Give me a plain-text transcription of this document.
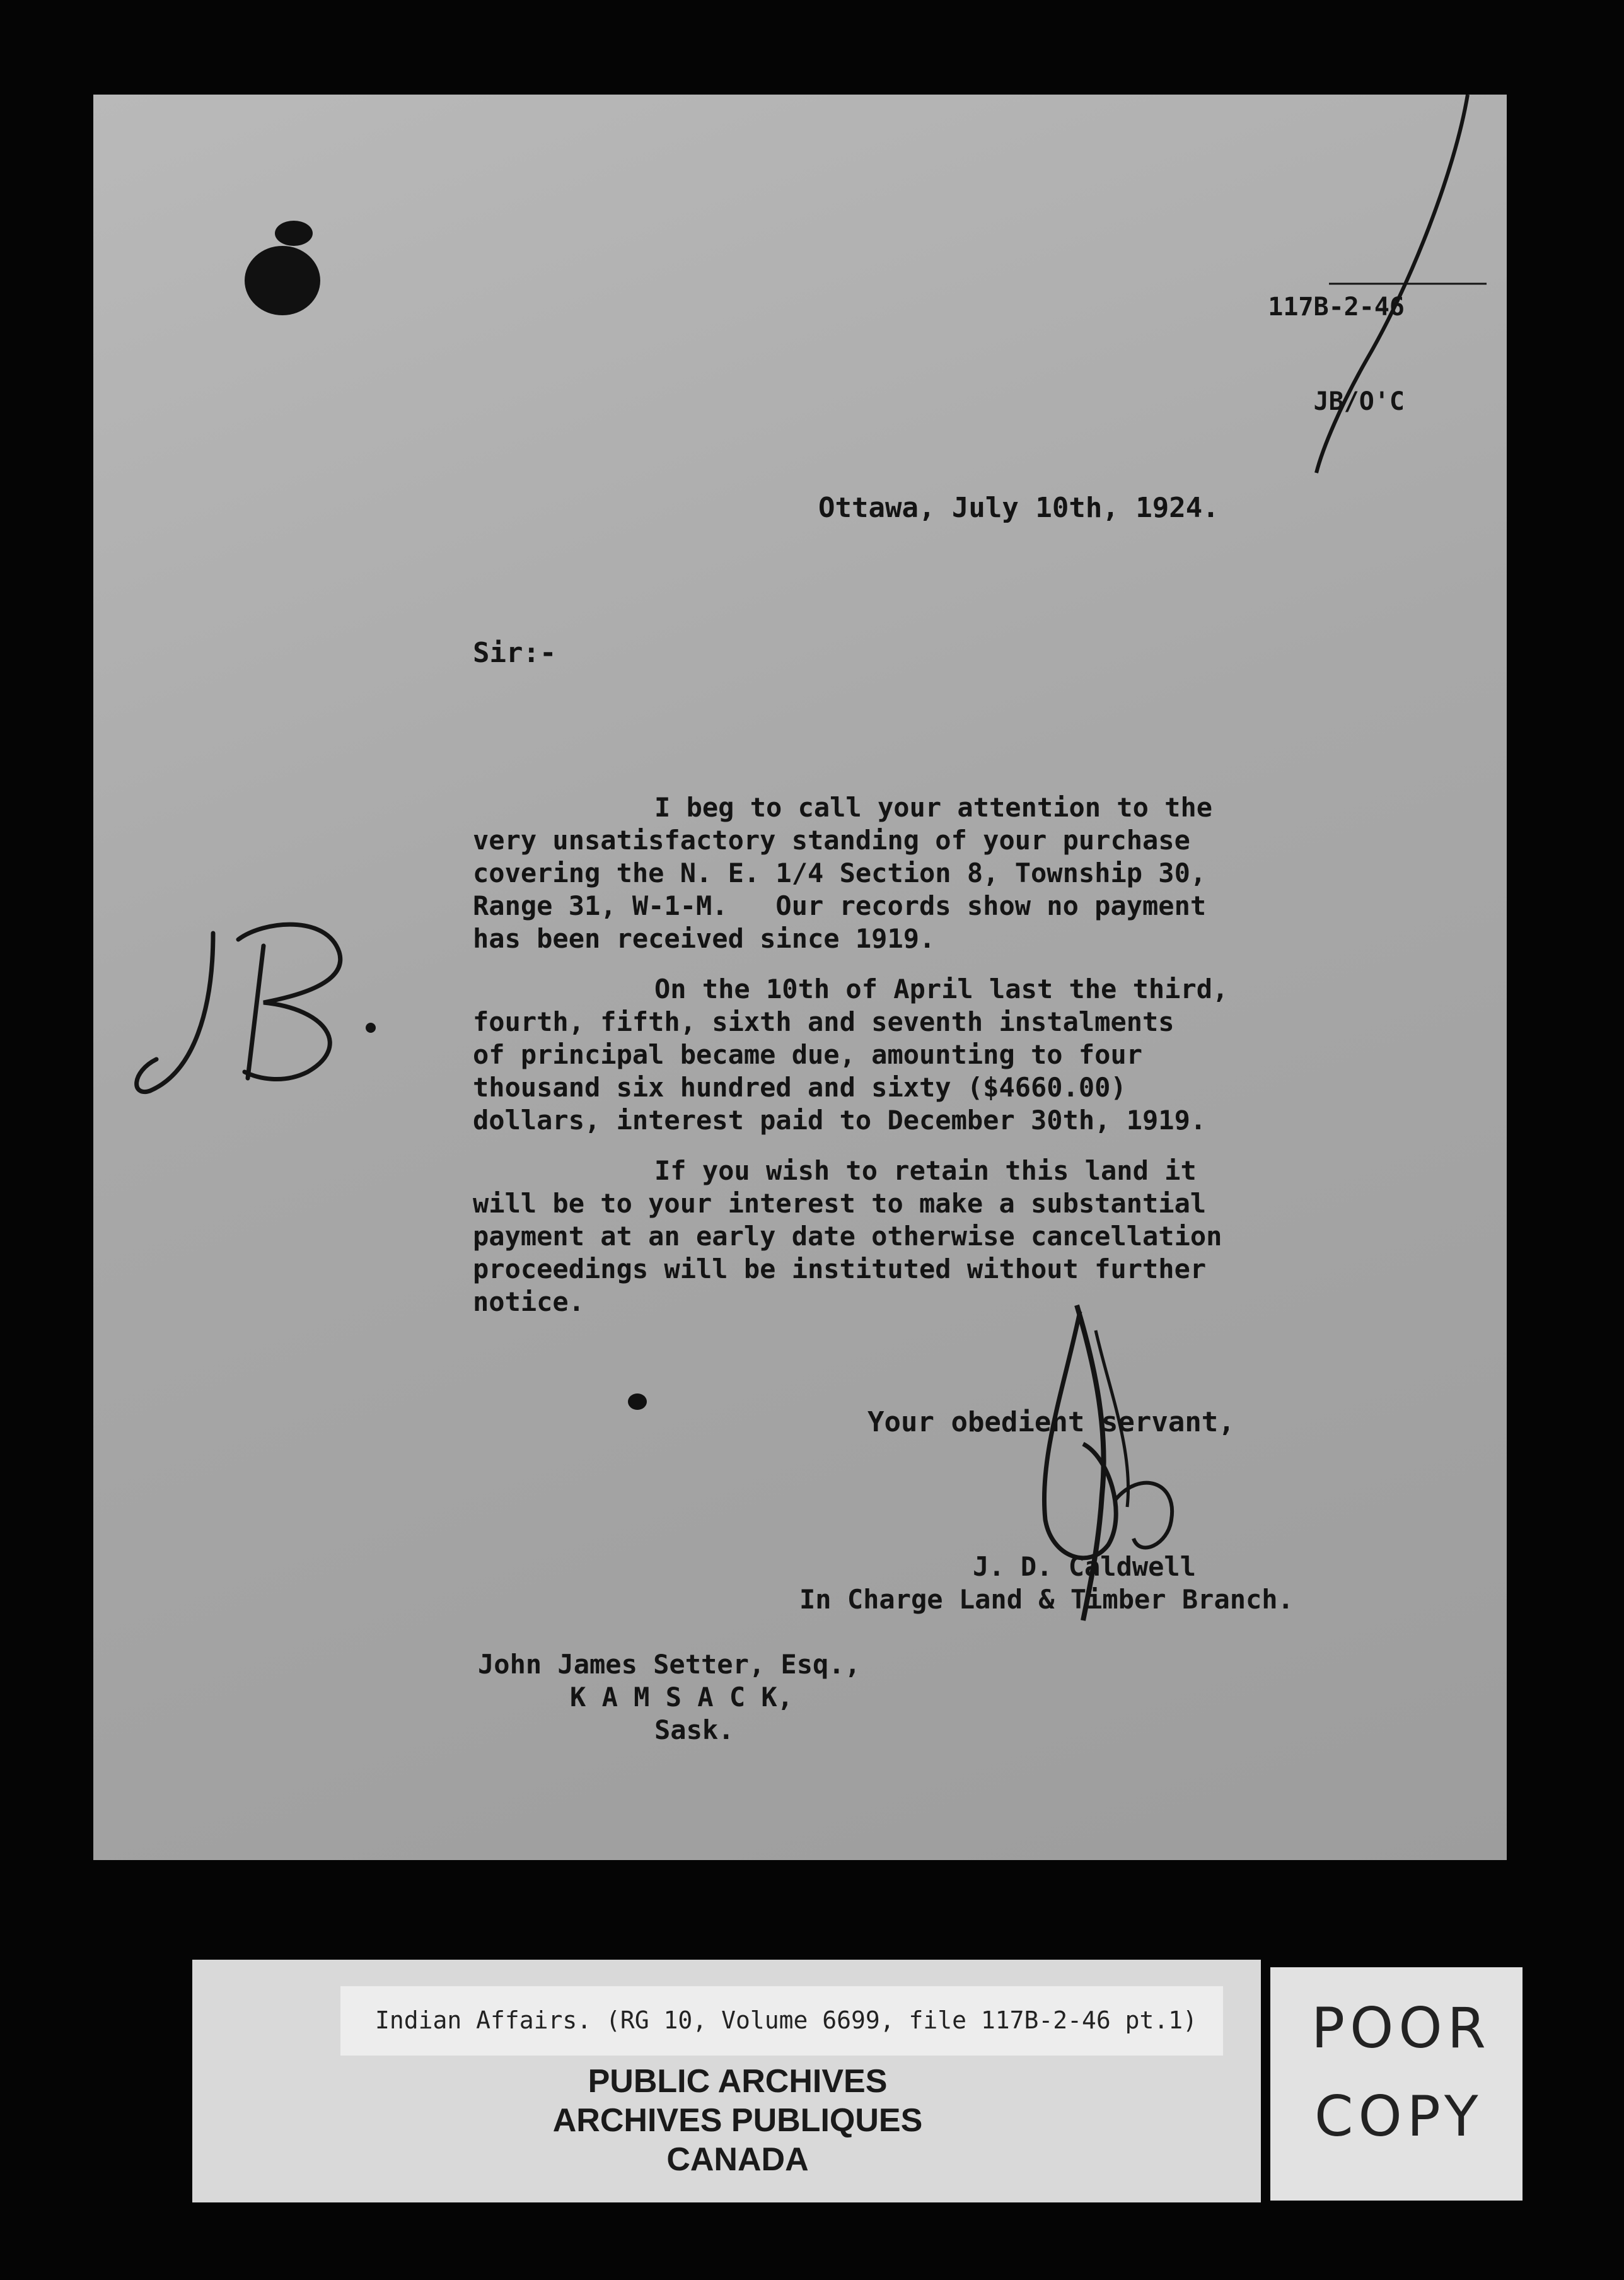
117B-2-46

JB/O'C

Ottawa, July 10th, 1924.
Sir:-
I beg to call your attention to the
very unsatisfactory standing of your purchase
covering the N. E. 1/4 Section 8, Township 30,
Range 31, W-1-M.   Our records show no payment
has been received since 1919.
On the 10th of April last the third,
fourth, fifth, sixth and seventh instalments
of principal became due, amounting to four
thousand six hundred and sixty ($4660.00)
dollars, interest paid to December 30th, 1919.
If you wish to retain this land it
will be to your interest to make a substantial
payment at an early date otherwise cancellation
proceedings will be instituted without further
notice.
Your obedient servant,
J. D. Caldwell
In Charge Land & Timber Branch.
John James Setter, Esq.,
K A M S A C K,
Sask.
Indian Affairs. (RG 10, Volume 6699, file 117B-2-46 pt.1)
PUBLIC ARCHIVES
ARCHIVES PUBLIQUES
CANADA
POOR
COPY
